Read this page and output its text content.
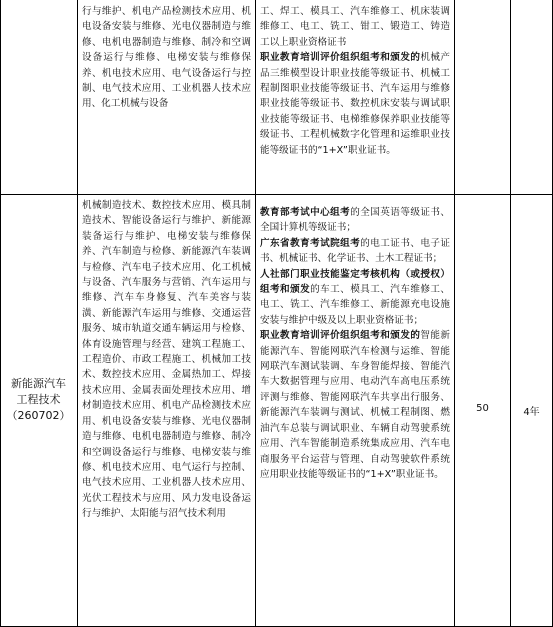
行与维护、机电产品检测技术应用、机电设备安装与维修、光电仪器制造与维修、电机电器制造与维修、制冷和空调设备运行与维修、电梯安装与维修保养、机电技术应用、电气设备运行与控制、电气技术应用、工业机器人技术应用、化工机械与设备

工、焊工、模具工、汽车维修工、机床装调维修工、电工、铣工、钳工、锻造工、铸造工以上职业资格证书
职业教育培训评价组织组考和颁发的机械产品三维模型设计职业技能等级证书、机械工程制图职业技能等级证书、汽车运用与维修职业技能等级证书、数控机床安装与调试职业技能等级证书、电梯维修保养职业技能等级证书、工程机械数字化管理和运维职业技能等级证书的“1+X”职业证书。

新能源汽车工程技术
（260702）

机械制造技术、数控技术应用、模具制造技术、智能设备运行与维护、新能源装备运行与维护、电梯安装与维修保养、汽车制造与检修、新能源汽车装调与检修、汽车电子技术应用、化工机械与设备、汽车服务与营销、汽车运用与维修、汽车车身修复、汽车美容与装潢、新能源汽车运用与维修、交通运营服务、城市轨道交通车辆运用与检修、体育设施管理与经营、建筑工程施工、工程造价、市政工程施工、机械加工技术、数控技术应用、金属热加工、焊接技术应用、金属表面处理技术应用、增材制造技术应用、机电产品检测技术应用、机电设备安装与维修、光电仪器制造与维修、电机电器制造与维修、制冷和空调设备运行与维修、电梯安装与维修、机电技术应用、电气运行与控制、电气技术应用、工业机器人技术应用、光伏工程技术与应用、风力发电设备运行与维护、太阳能与沼气技术利用

教育部考试中心组考的全国英语等级证书、全国计算机等级证书；
广东省教育考试院组考的电工证书、电子证书、机械证书、化学证书、土木工程证书；
人社部门职业技能鉴定考核机构（或授权）组考和颁发的车工、模具工、汽车维修工、电工、铣工、汽车维修工、新能源充电设施安装与维护中级及以上职业资格证书；
职业教育培训评价组织组考和颁发的智能新能源汽车、智能网联汽车检测与运维、智能网联汽车测试装调、车身智能焊接、智能汽车大数据管理与应用、电动汽车高电压系统评测与维修、智能网联汽车共享出行服务、新能源汽车装调与测试、机械工程制图、燃油汽车总装与调试职业、车辆自动驾驶系统应用、汽车智能制造系统集成应用、汽车电商服务平台运营与管理、自动驾驶软件系统应用职业技能等级证书的“1+X”职业证书。

50	4年
